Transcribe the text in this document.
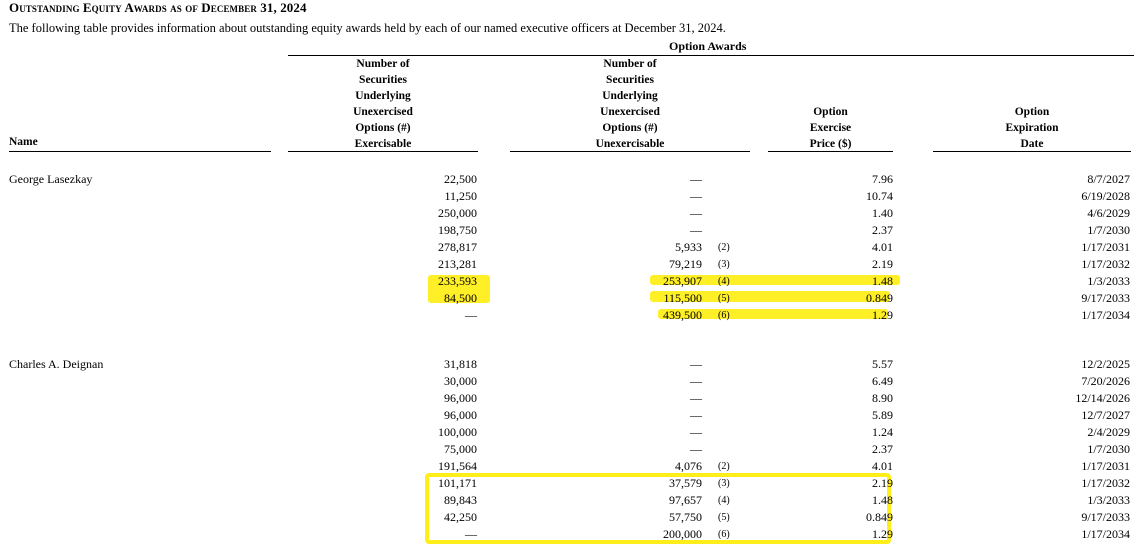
Outstanding Equity Awards as of December 31, 2024
The following table provides information about outstanding equity awards held by each of our named executive officers at December 31, 2024.
Option Awards
Name
Number of
Securities
Underlying
Unexercised
Options (#)
Exercisable
Number of
Securities
Underlying
Unexercised
Options (#)
Unexercisable
Option
Exercise
Price ($)
Option
Expiration
Date
George Lasezkay	22,500	—	7.96	8/7/2027
11,250	—	10.74	6/19/2028
250,000	—	1.40	4/6/2029
198,750	—	2.37	1/7/2030
278,817	5,933 (2)	4.01	1/17/2031
213,281	79,219 (3)	2.19	1/17/2032
233,593	253,907 (4)	1.48	1/3/2033
84,500	115,500 (5)	0.849	9/17/2033
—	439,500 (6)	1.29	1/17/2034
Charles A. Deignan	31,818	—	5.57	12/2/2025
30,000	—	6.49	7/20/2026
96,000	—	8.90	12/14/2026
96,000	—	5.89	12/7/2027
100,000	—	1.24	2/4/2029
75,000	—	2.37	1/7/2030
191,564	4,076 (2)	4.01	1/17/2031
101,171	37,579 (3)	2.19	1/17/2032
89,843	97,657 (4)	1.48	1/3/2033
42,250	57,750 (5)	0.849	9/17/2033
—	200,000 (6)	1.29	1/17/2034
